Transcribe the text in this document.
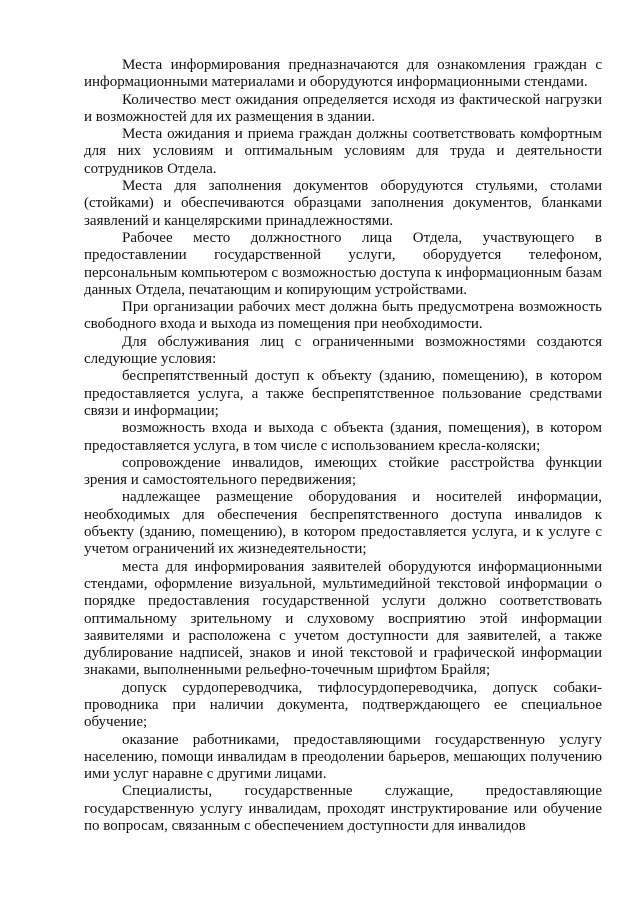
Места информирования предназначаются для ознакомления граждан с информационными материалами и оборудуются информационными стендами.

Количество мест ожидания определяется исходя из фактической нагрузки и возможностей для их размещения в здании.

Места ожидания и приема граждан должны соответствовать комфортным для них условиям и оптимальным условиям для труда и деятельности сотрудников Отдела.

Места для заполнения документов оборудуются стульями, столами (стойками) и обеспечиваются образцами заполнения документов, бланками заявлений и канцелярскими принадлежностями.

Рабочее место должностного лица Отдела, участвующего в предоставлении государственной услуги, оборудуется телефоном, персональным компьютером с возможностью доступа к информационным базам данных Отдела, печатающим и копирующим устройствами.

При организации рабочих мест должна быть предусмотрена возможность свободного входа и выхода из помещения при необходимости.

Для обслуживания лиц с ограниченными возможностями создаются следующие условия:

беспрепятственный доступ к объекту (зданию, помещению), в котором предоставляется услуга, а также беспрепятственное пользование средствами связи и информации;

возможность входа и выхода с объекта (здания, помещения), в котором предоставляется услуга, в том числе с использованием кресла-коляски;

сопровождение инвалидов, имеющих стойкие расстройства функции зрения и самостоятельного передвижения;

надлежащее размещение оборудования и носителей информации, необходимых для обеспечения беспрепятственного доступа инвалидов к объекту (зданию, помещению), в котором предоставляется услуга, и к услуге с учетом ограничений их жизнедеятельности;

места для информирования заявителей оборудуются информационными стендами, оформление визуальной, мультимедийной текстовой информации о порядке предоставления государственной услуги должно соответствовать оптимальному зрительному и слуховому восприятию этой информации заявителями и расположена с учетом доступности для заявителей, а также дублирование надписей, знаков и иной текстовой и графической информации знаками, выполненными рельефно-точечным шрифтом Брайля;

допуск сурдопереводчика, тифлосурдопереводчика, допуск собаки-проводника при наличии документа, подтверждающего ее специальное обучение;

оказание работниками, предоставляющими государственную услугу населению, помощи инвалидам в преодолении барьеров, мешающих получению ими услуг наравне с другими лицами.

Специалисты, государственные служащие, предоставляющие государственную услугу инвалидам, проходят инструктирование или обучение по вопросам, связанным с обеспечением доступности для инвалидов
